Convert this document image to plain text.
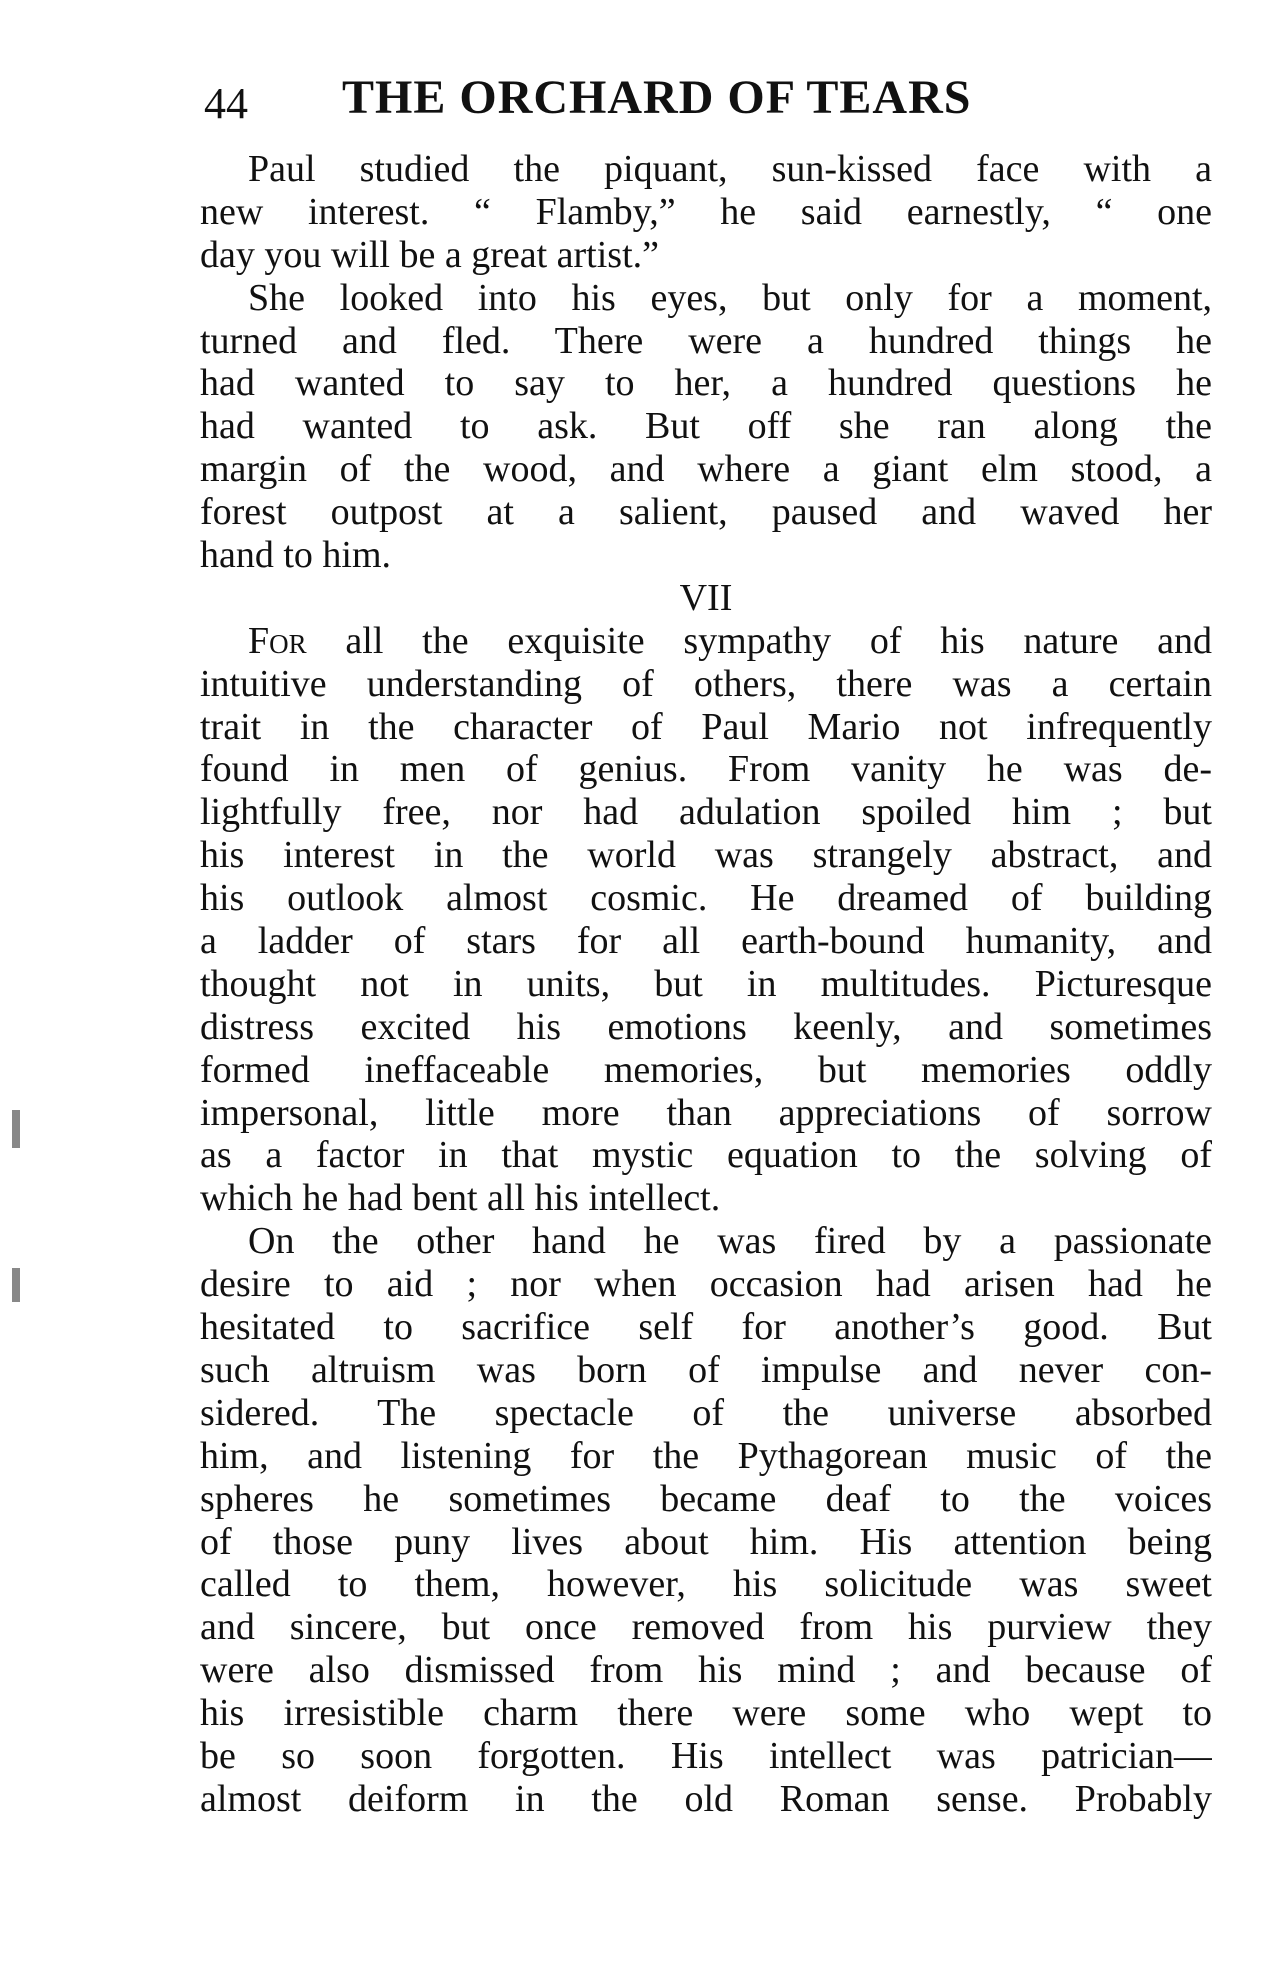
44 THE ORCHARD OF TEARS
Paul studied the piquant, sun-kissed face with a
new interest. “ Flamby,” he said earnestly, “ one
day you will be a great artist.”
She looked into his eyes, but only for a moment,
turned and fled. There were a hundred things he
had wanted to say to her, a hundred questions he
had wanted to ask. But off she ran along the
margin of the wood, and where a giant elm stood, a
forest outpost at a salient, paused and waved her
hand to him.
VII
For all the exquisite sympathy of his nature and
intuitive understanding of others, there was a certain
trait in the character of Paul Mario not infrequently
found in men of genius. From vanity he was de-
lightfully free, nor had adulation spoiled him ; but
his interest in the world was strangely abstract, and
his outlook almost cosmic. He dreamed of building
a ladder of stars for all earth-bound humanity, and
thought not in units, but in multitudes. Picturesque
distress excited his emotions keenly, and sometimes
formed ineffaceable memories, but memories oddly
impersonal, little more than appreciations of sorrow
as a factor in that mystic equation to the solving of
which he had bent all his intellect.
On the other hand he was fired by a passionate
desire to aid ; nor when occasion had arisen had he
hesitated to sacrifice self for another’s good. But
such altruism was born of impulse and never con-
sidered. The spectacle of the universe absorbed
him, and listening for the Pythagorean music of the
spheres he sometimes became deaf to the voices
of those puny lives about him. His attention being
called to them, however, his solicitude was sweet
and sincere, but once removed from his purview they
were also dismissed from his mind ; and because of
his irresistible charm there were some who wept to
be so soon forgotten. His intellect was patrician—
almost deiform in the old Roman sense. Probably
